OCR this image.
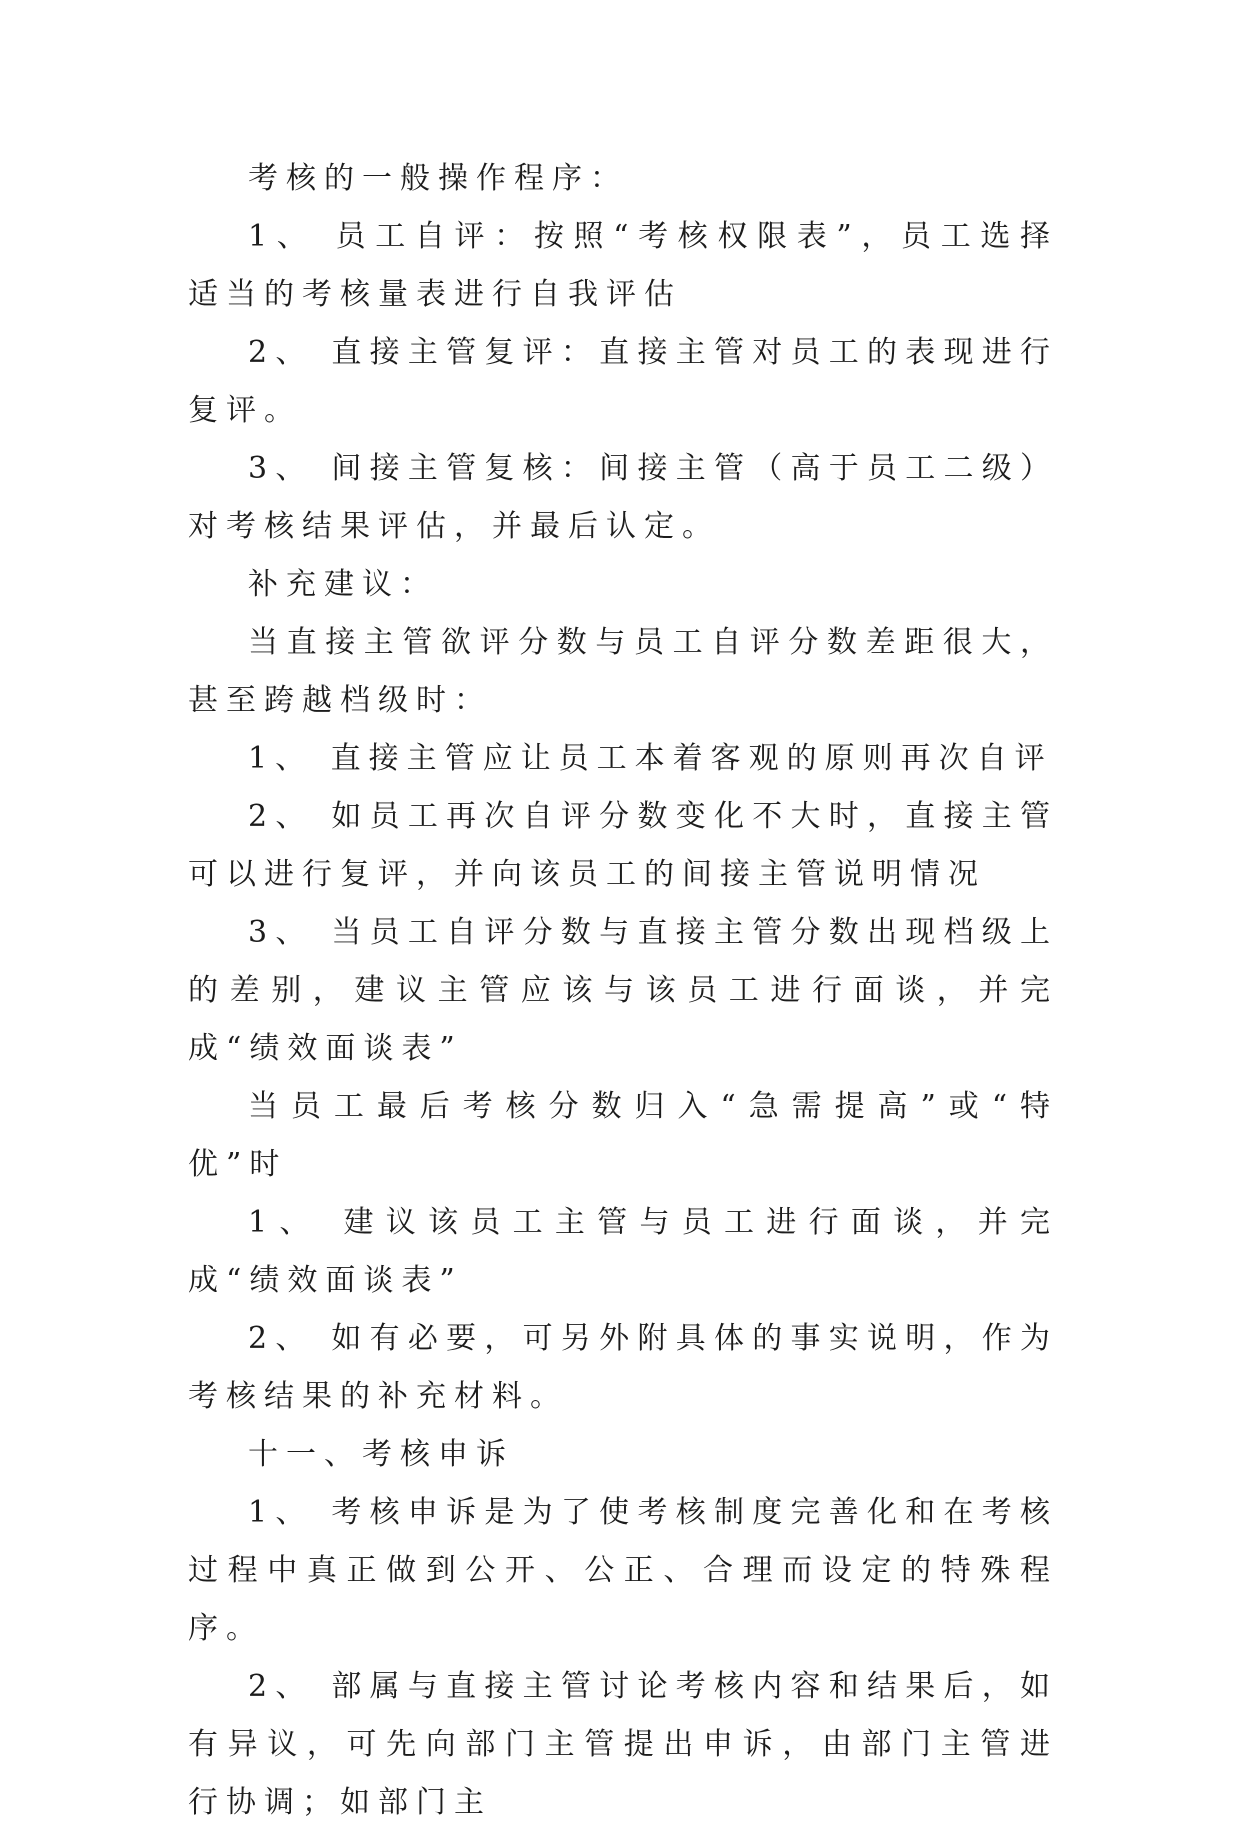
考核的一般操作程序：

1、 员工自评：按照“考核权限表”，员工选择适当的考核量表进行自我评估

2、 直接主管复评：直接主管对员工的表现进行复评。

3、 间接主管复核：间接主管（高于员工二级）对考核结果评估，并最后认定。

补充建议：

当直接主管欲评分数与员工自评分数差距很大，甚至跨越档级时：

1、 直接主管应让员工本着客观的原则再次自评

2、 如员工再次自评分数变化不大时，直接主管可以进行复评，并向该员工的间接主管说明情况

3、 当员工自评分数与直接主管分数出现档级上的差别，建议主管应该与该员工进行面谈，并完成“绩效面谈表”

当员工最后考核分数归入“急需提高”或“特优”时

1、 建议该员工主管与员工进行面谈，并完成“绩效面谈表”

2、 如有必要，可另外附具体的事实说明，作为考核结果的补充材料。

十一、考核申诉

1、 考核申诉是为了使考核制度完善化和在考核过程中真正做到公开、公正、合理而设定的特殊程序。

2、 部属与直接主管讨论考核内容和结果后，如有异议，可先向部门主管提出申诉，由部门主管进行协调；如部门主
